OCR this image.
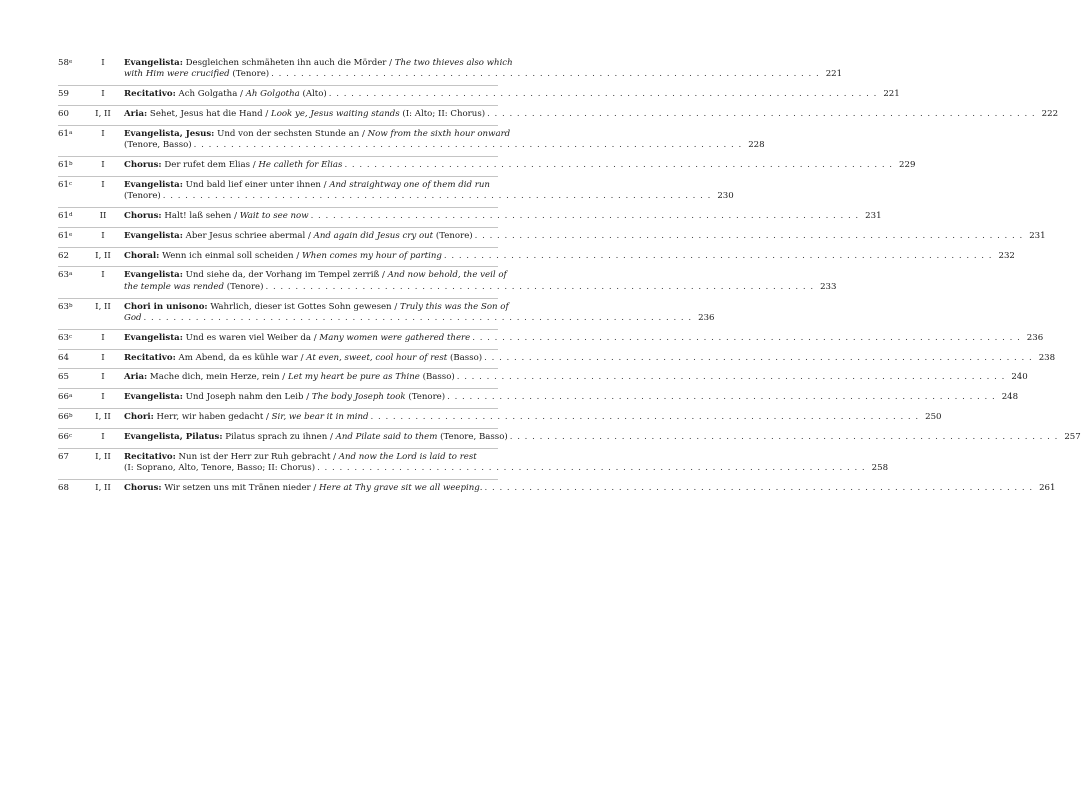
58e	I	Evangelista: Desgleichen schmäheten ihn auch die Mörder / The two thieves also which
with Him were crucified (Tenore) . . . . . . . . . . . . . . . . . . . . . . . . . . . . . . . . . . . . . . . . . . . . . . . . . . . . . . . . . . . . . . . . . . . . . . . . . . 221
59	I	Recitativo: Ach Golgatha / Ah Golgotha (Alto) . . . . . . . . . . . . . . . . . . . . . . . . . . . . . . . . . . . . . . . . . . . . . . . . . . . . . . . . . . . . . . . . . . . . . . . . . . 221
60	I, II	Aria: Sehet, Jesus hat die Hand / Look ye, Jesus waiting stands (I: Alto; II: Chorus) . . . . . . . . . . . . . . . . . . . . . . . . . . . . . . . . . . . . . . . . . . . . . . . . . . . . . . . . . . . . . . . . . . . . . . . . . . 222
61$^a$	I	Evangelista, Jesus: Und von der sechsten Stunde an / Now from the sixth hour onward
(Tenore, Basso) . . . . . . . . . . . . . . . . . . . . . . . . . . . . . . . . . . . . . . . . . . . . . . . . . . . . . . . . . . . . . . . . . . . . . . . . . . 228
61$^b$	I	Chorus: Der rufet dem Elias / He calleth for Elias . . . . . . . . . . . . . . . . . . . . . . . . . . . . . . . . . . . . . . . . . . . . . . . . . . . . . . . . . . . . . . . . . . . . . . . . . . 229
61$^c$	I	Evangelista: Und bald lief einer unter ihnen / And straightway one of them did run
(Tenore) . . . . . . . . . . . . . . . . . . . . . . . . . . . . . . . . . . . . . . . . . . . . . . . . . . . . . . . . . . . . . . . . . . . . . . . . . . 230
61$^d$	II	Chorus: Halt! laß sehen / Wait to see now . . . . . . . . . . . . . . . . . . . . . . . . . . . . . . . . . . . . . . . . . . . . . . . . . . . . . . . . . . . . . . . . . . . . . . . . . . 231
61e	I	Evangelista: Aber Jesus schriee abermal / And again did Jesus cry out (Tenore) . . . . . . . . . . . . . . . . . . . . . . . . . . . . . . . . . . . . . . . . . . . . . . . . . . . . . . . . . . . . . . . . . . . . . . . . . . 231
62	I, II	Choral: Wenn ich einmal soll scheiden / When comes my hour of parting . . . . . . . . . . . . . . . . . . . . . . . . . . . . . . . . . . . . . . . . . . . . . . . . . . . . . . . . . . . . . . . . . . . . . . . . . . 232
63$^a$	I	Evangelista: Und siehe da, der Vorhang im Tempel zerriß / And now behold, the veil of
the temple was rended (Tenore) . . . . . . . . . . . . . . . . . . . . . . . . . . . . . . . . . . . . . . . . . . . . . . . . . . . . . . . . . . . . . . . . . . . . . . . . . . 233
63$^b$	I, II	Chori in unisono: Wahrlich, dieser ist Gottes Sohn gewesen / Truly this was the Son of
God . . . . . . . . . . . . . . . . . . . . . . . . . . . . . . . . . . . . . . . . . . . . . . . . . . . . . . . . . . . . . . . . . . . . . . . . . . 236
63$^c$	I	Evangelista: Und es waren viel Weiber da / Many women were gathered there . . . . . . . . . . . . . . . . . . . . . . . . . . . . . . . . . . . . . . . . . . . . . . . . . . . . . . . . . . . . . . . . . . . . . . . . . . 236
64	I	Recitativo: Am Abend, da es kühle war / At even, sweet, cool hour of rest (Basso) . . . . . . . . . . . . . . . . . . . . . . . . . . . . . . . . . . . . . . . . . . . . . . . . . . . . . . . . . . . . . . . . . . . . . . . . . . 238
65	I	Aria: Mache dich, mein Herze, rein / Let my heart be pure as Thine (Basso) . . . . . . . . . . . . . . . . . . . . . . . . . . . . . . . . . . . . . . . . . . . . . . . . . . . . . . . . . . . . . . . . . . . . . . . . . . 240
66$^a$	I	Evangelista: Und Joseph nahm den Leib / The body Joseph took (Tenore) . . . . . . . . . . . . . . . . . . . . . . . . . . . . . . . . . . . . . . . . . . . . . . . . . . . . . . . . . . . . . . . . . . . . . . . . . . 248
66$^b$	I, II	Chori: Herr, wir haben gedacht / Sir, we bear it in mind . . . . . . . . . . . . . . . . . . . . . . . . . . . . . . . . . . . . . . . . . . . . . . . . . . . . . . . . . . . . . . . . . . . . . . . . . . 250
66$^c$	I	Evangelista, Pilatus: Pilatus sprach zu ihnen / And Pilate said to them (Tenore, Basso) . . . . . . . . . . . . . . . . . . . . . . . . . . . . . . . . . . . . . . . . . . . . . . . . . . . . . . . . . . . . . . . . . . . . . . . . . . 257
67	I, II	Recitativo: Nun ist der Herr zur Ruh gebracht / And now the Lord is laid to rest
(I: Soprano, Alto, Tenore, Basso; II: Chorus) . . . . . . . . . . . . . . . . . . . . . . . . . . . . . . . . . . . . . . . . . . . . . . . . . . . . . . . . . . . . . . . . . . . . . . . . . . 258
68	I, II	Chorus: Wir setzen uns mit Tränen nieder / Here at Thy grave sit we all weeping. . . . . . . . . . . . . . . . . . . . . . . . . . . . . . . . . . . . . . . . . . . . . . . . . . . . . . . . . . . . . . . . . . . . . . . . . . . 261
